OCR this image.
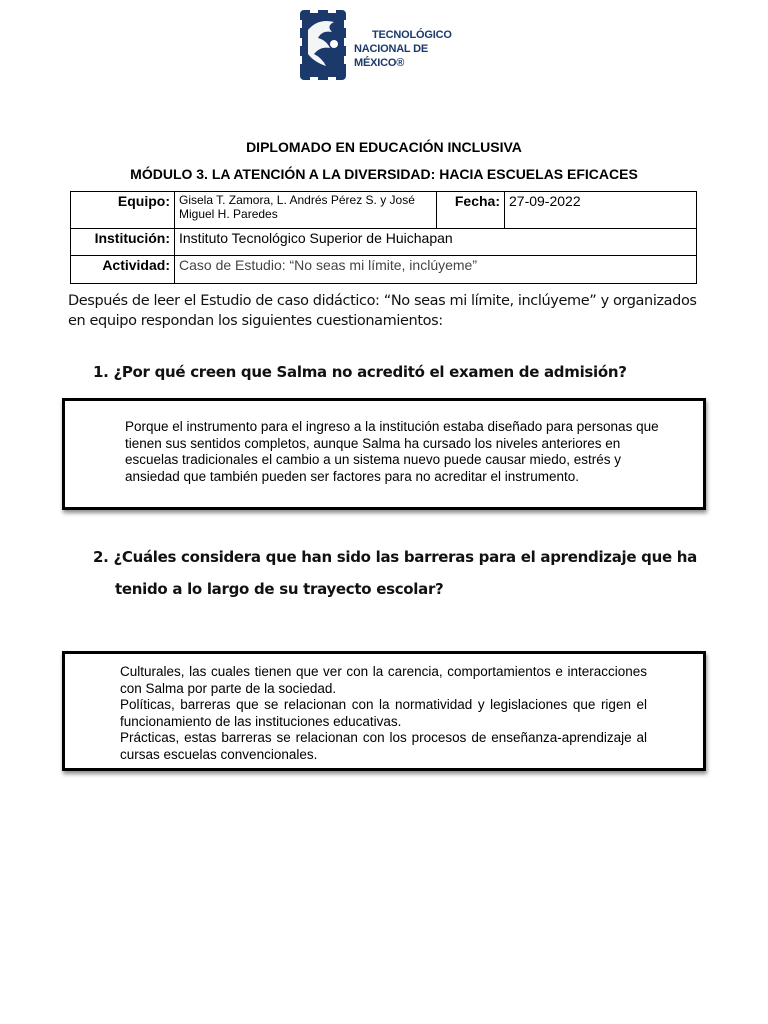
TECNOLÓGICO
NACIONAL DE MÉXICO®
DIPLOMADO EN EDUCACIÓN INCLUSIVA
MÓDULO 3. LA ATENCIÓN A LA DIVERSIDAD: HACIA ESCUELAS EFICACES
Equipo:	Gisela T. Zamora, L. Andrés Pérez S. y José Miguel H. Paredes	Fecha:	27-09-2022
Institución:	Instituto Tecnológico Superior de Huichapan		
Actividad:	Caso de Estudio: “No seas mi límite, inclúyeme”		
Después de leer el Estudio de caso didáctico: “No seas mi límite, inclúyeme” y organizados en equipo respondan los siguientes cuestionamientos:
1. ¿Por qué creen que Salma no acreditó el examen de admisión?
Porque el instrumento para el ingreso a la institución estaba diseñado para personas que tienen sus sentidos completos, aunque Salma ha cursado los niveles anteriores en escuelas tradicionales el cambio a un sistema nuevo puede causar miedo, estrés y ansiedad que también pueden ser factores para no acreditar el instrumento.
2. ¿Cuáles considera que han sido las barreras para el aprendizaje que ha
tenido a lo largo de su trayecto escolar?

Culturales, las cuales tienen que ver con la carencia, comportamientos e interacciones con Salma por parte de la sociedad.

Políticas, barreras que se relacionan con la normatividad y legislaciones que rigen el funcionamiento de las instituciones educativas.

Prácticas, estas barreras se relacionan con los procesos de enseñanza-aprendizaje al cursas escuelas convencionales.
